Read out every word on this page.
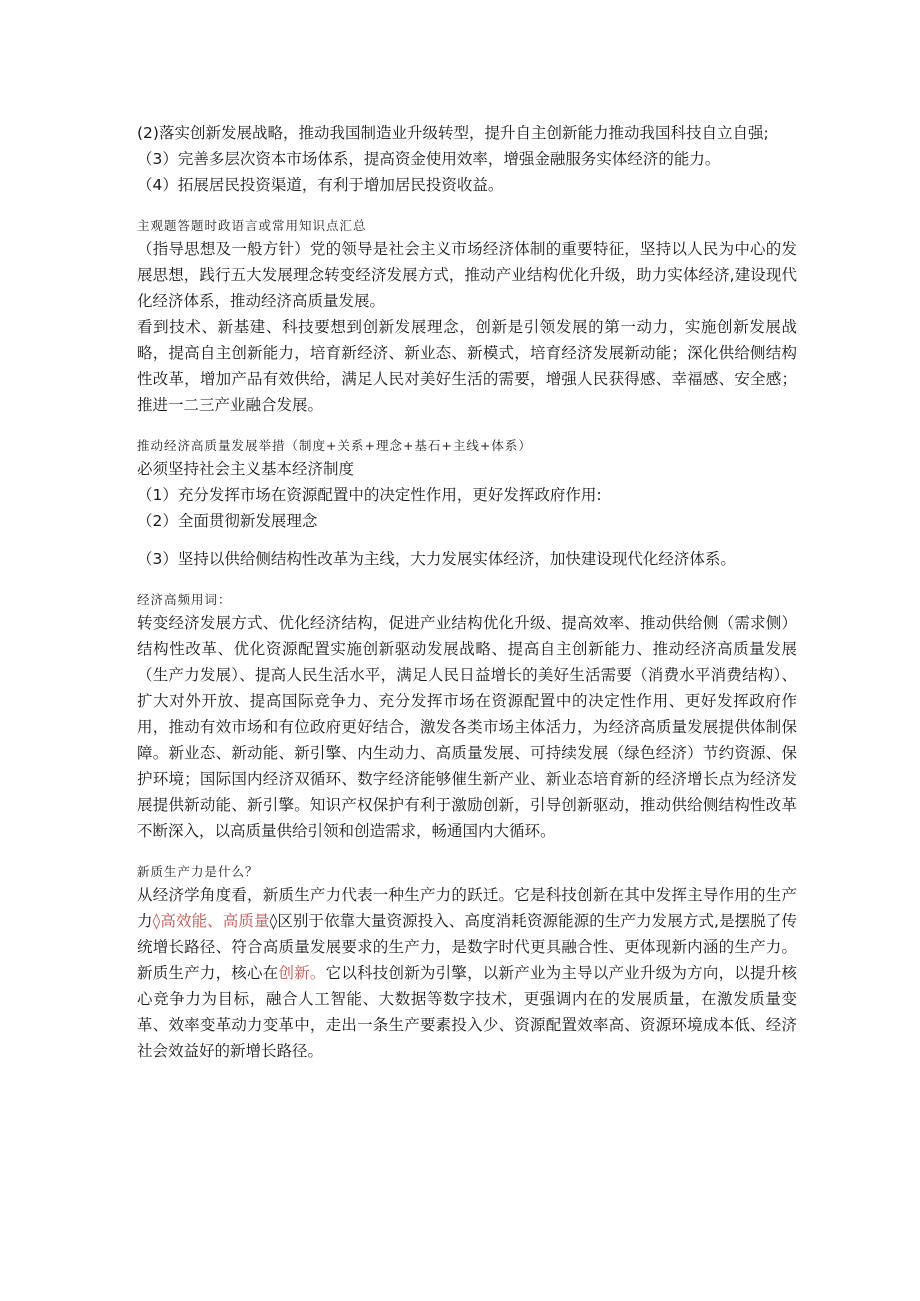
(2)落实创新发展战略，推动我国制造业升级转型，提升自主创新能力推动我国科技自立自强;
（3）完善多层次资本市场体系，提高资金使用效率，增强金融服务实体经济的能力。
（4）拓展居民投资渠道，有利于增加居民投资收益。
主观题答题时政语言或常用知识点汇总
（指导思想及一般方针）党的领导是社会主义市场经济体制的重要特征，坚持以人民为中心的发展思想，践行五大发展理念转变经济发展方式，推动产业结构优化升级，助力实体经济,建设现代化经济体系，推动经济高质量发展。
看到技术、新基建、科技要想到创新发展理念，创新是引领发展的第一动力，实施创新发展战略，提高自主创新能力，培育新经济、新业态、新模式，培育经济发展新动能；深化供给侧结构性改革，增加产品有效供给，满足人民对美好生活的需要，增强人民获得感、幸福感、安全感；推进一二三产业融合发展。
推动经济高质量发展举措（制度+关系+理念+基石+主线+体系）
必须坚持社会主义基本经济制度
（1）充分发挥市场在资源配置中的决定性作用，更好发挥政府作用:
（2）全面贯彻新发展理念
（3）坚持以供给侧结构性改革为主线，大力发展实体经济，加快建设现代化经济体系。
经济高频用词：
转变经济发展方式、优化经济结构，促进产业结构优化升级、提高效率、推动供给侧（需求侧）结构性改革、优化资源配置实施创新驱动发展战略、提高自主创新能力、推动经济高质量发展（生产力发展）、提高人民生活水平，满足人民日益增长的美好生活需要（消费水平消费结构）、扩大对外开放、提高国际竞争力、充分发挥市场在资源配置中的决定性作用、更好发挥政府作用，推动有效市场和有位政府更好结合，激发各类市场主体活力，为经济高质量发展提供体制保障。新业态、新动能、新引擎、内生动力、高质量发展、可持续发展（绿色经济）节约资源、保护环境；国际国内经济双循环、数字经济能够催生新产业、新业态培育新的经济增长点为经济发展提供新动能、新引擎。知识产权保护有利于激励创新，引导创新驱动，推动供给侧结构性改革不断深入，以高质量供给引领和创造需求，畅通国内大循环。
新质生产力是什么？
从经济学角度看，新质生产力代表一种生产力的跃迁。它是科技创新在其中发挥主导作用的生产力◊高效能、高质量◊区别于依靠大量资源投入、高度消耗资源能源的生产力发展方式,是摆脱了传统增长路径、符合高质量发展要求的生产力，是数字时代更具融合性、更体现新内涵的生产力。新质生产力，核心在创新。它以科技创新为引擎，以新产业为主导以产业升级为方向，以提升核心竞争力为目标，融合人工智能、大数据等数字技术，更强调内在的发展质量，在激发质量变革、效率变革动力变革中，走出一条生产要素投入少、资源配置效率高、资源环境成本低、经济社会效益好的新增长路径。
